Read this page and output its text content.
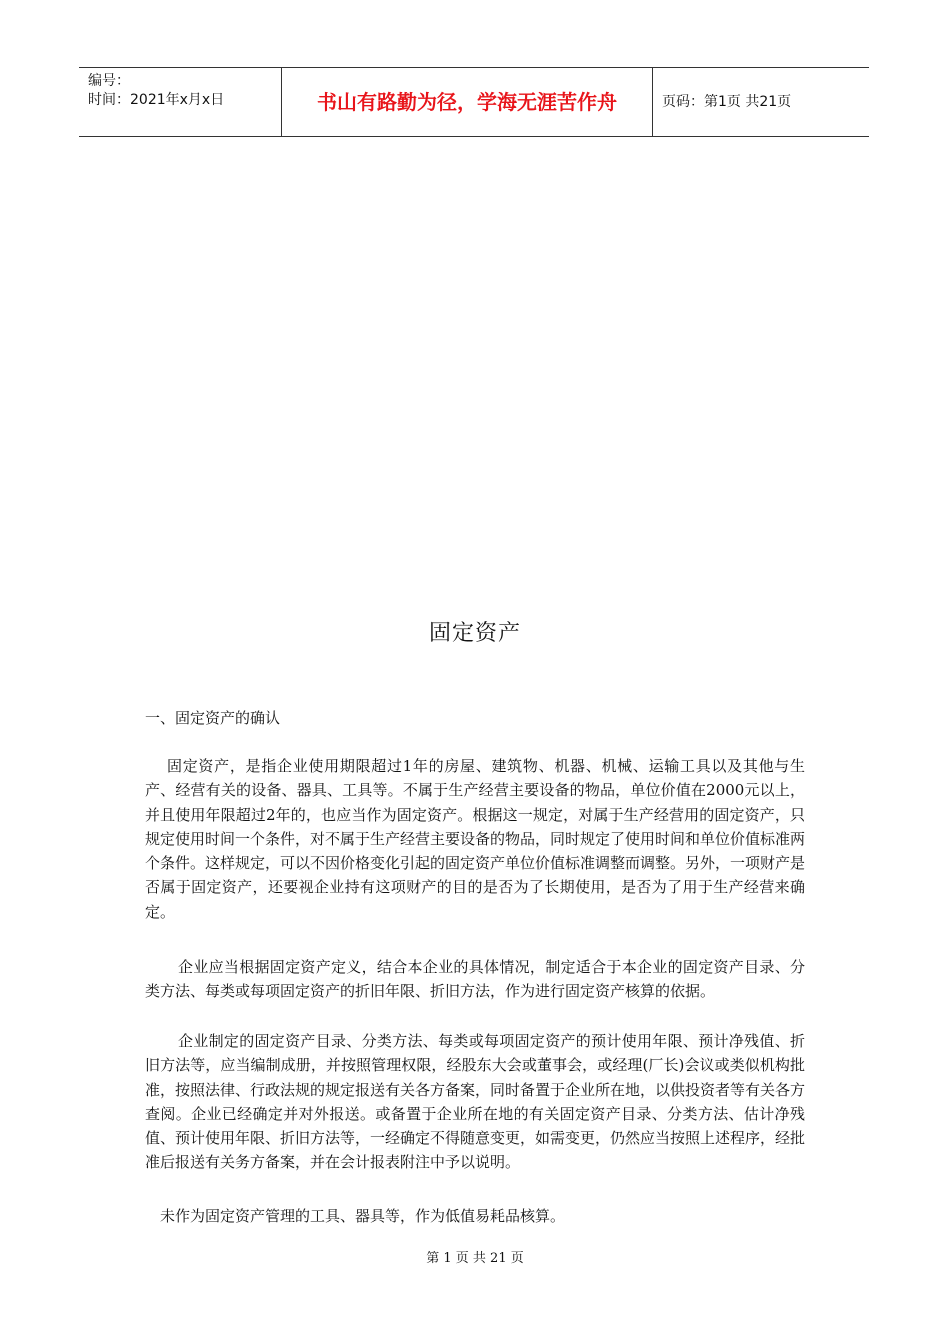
编号：
时间：2021年x月x日	书山有路勤为径，学海无涯苦作舟	页码：第1页 共21页
固定资产
一、固定资产的确认

固定资产，是指企业使用期限超过1年的房屋、建筑物、机器、机械、运输工具以及其他与生产、经营有关的设备、器具、工具等。不属于生产经营主要设备的物品，单位价值在2000元以上，并且使用年限超过2年的，也应当作为固定资产。根据这一规定，对属于生产经营用的固定资产，只规定使用时间一个条件，对不属于生产经营主要设备的物品，同时规定了使用时间和单位价值标准两个条件。这样规定，可以不因价格变化引起的固定资产单位价值标准调整而调整。另外，一项财产是否属于固定资产，还要视企业持有这项财产的目的是否为了长期使用，是否为了用于生产经营来确定。

企业应当根据固定资产定义，结合本企业的具体情况，制定适合于本企业的固定资产目录、分类方法、每类或每项固定资产的折旧年限、折旧方法，作为进行固定资产核算的依据。

企业制定的固定资产目录、分类方法、每类或每项固定资产的预计使用年限、预计净残值、折旧方法等，应当编制成册，并按照管理权限，经股东大会或董事会，或经理(厂长)会议或类似机构批准，按照法律、行政法规的规定报送有关各方备案，同时备置于企业所在地，以供投资者等有关各方查阅。企业已经确定并对外报送。或备置于企业所在地的有关固定资产目录、分类方法、估计净残值、预计使用年限、折旧方法等，一经确定不得随意变更，如需变更，仍然应当按照上述程序，经批准后报送有关务方备案，并在会计报表附注中予以说明。

未作为固定资产管理的工具、器具等，作为低值易耗品核算。

第 1 页 共 21 页
